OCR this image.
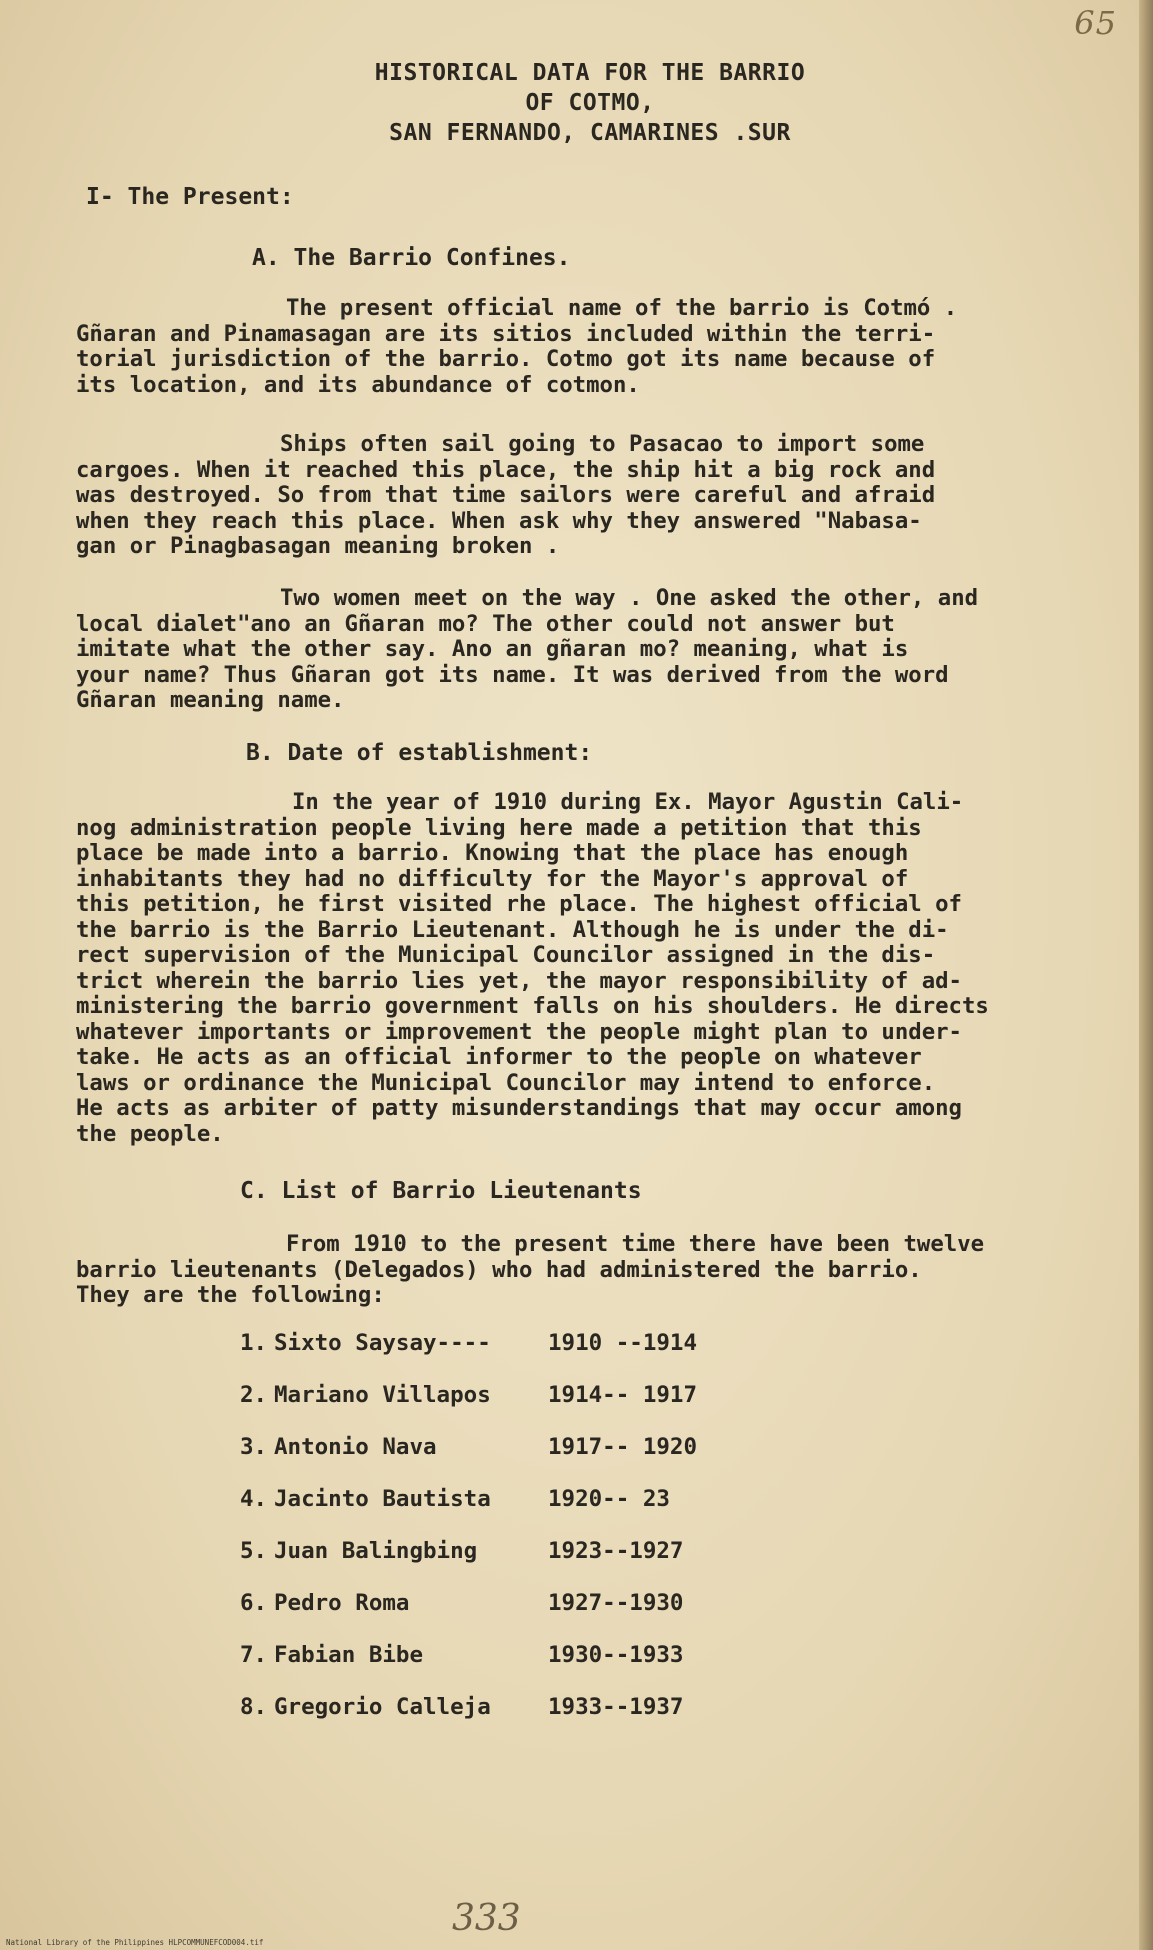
65
HISTORICAL DATA FOR THE BARRIO
OF COTMO,
SAN FERNANDO, CAMARINES .SUR
I- The Present:
A. The Barrio Confines.

The present official name of the barrio is Cotmó .

Gñaran and Pinamasagan are its sitios included within the terri-

torial jurisdiction of the barrio. Cotmo got its name because of

its location, and its abundance of cotmon.

Ships often sail going to Pasacao to import some

cargoes. When it reached this place, the ship hit a big rock and

was destroyed. So from that time sailors were careful and afraid

when they reach this place. When ask why they answered "Nabasa-

gan or Pinagbasagan meaning broken .

Two women meet on the way . One asked the other, and

local dialet"ano an Gñaran mo? The other could not answer but

imitate what the other say. Ano an gñaran mo? meaning, what is

your name? Thus Gñaran got its name. It was derived from the word

Gñaran meaning name.

B. Date of establishment:

In the year of 1910 during Ex. Mayor Agustin Cali-

nog administration people living here made a petition that this

place be made into a barrio. Knowing that the place has enough

inhabitants they had no difficulty for the Mayor's approval of

this petition, he first visited rhe place. The highest official of

the barrio is the Barrio Lieutenant. Although he is under the di-

rect supervision of the Municipal Councilor assigned in the dis-

trict wherein the barrio lies yet, the mayor responsibility of ad-

ministering the barrio government falls on his shoulders. He directs

whatever importants or improvement the people might plan to under-

take. He acts as an official informer to the people on whatever

laws or ordinance the Municipal Councilor may intend to enforce.

He acts as arbiter of patty misunderstandings that may occur among

the people.

C. List of Barrio Lieutenants

From 1910 to the present time there have been twelve

barrio lieutenants (Delegados) who had administered the barrio.

They are the following:

1. Sixto Saysay----	1910 --1914
2. Mariano Villapos	1914-- 1917
3. Antonio Nava	1917-- 1920
4. Jacinto Bautista	1920-- 23
5. Juan Balingbing	1923--1927
6. Pedro Roma	1927--1930
7. Fabian Bibe	1930--1933
8. Gregorio Calleja	1933--1937
333
National Library of the Philippines HLPCOMMUNEFCOD004.tif
